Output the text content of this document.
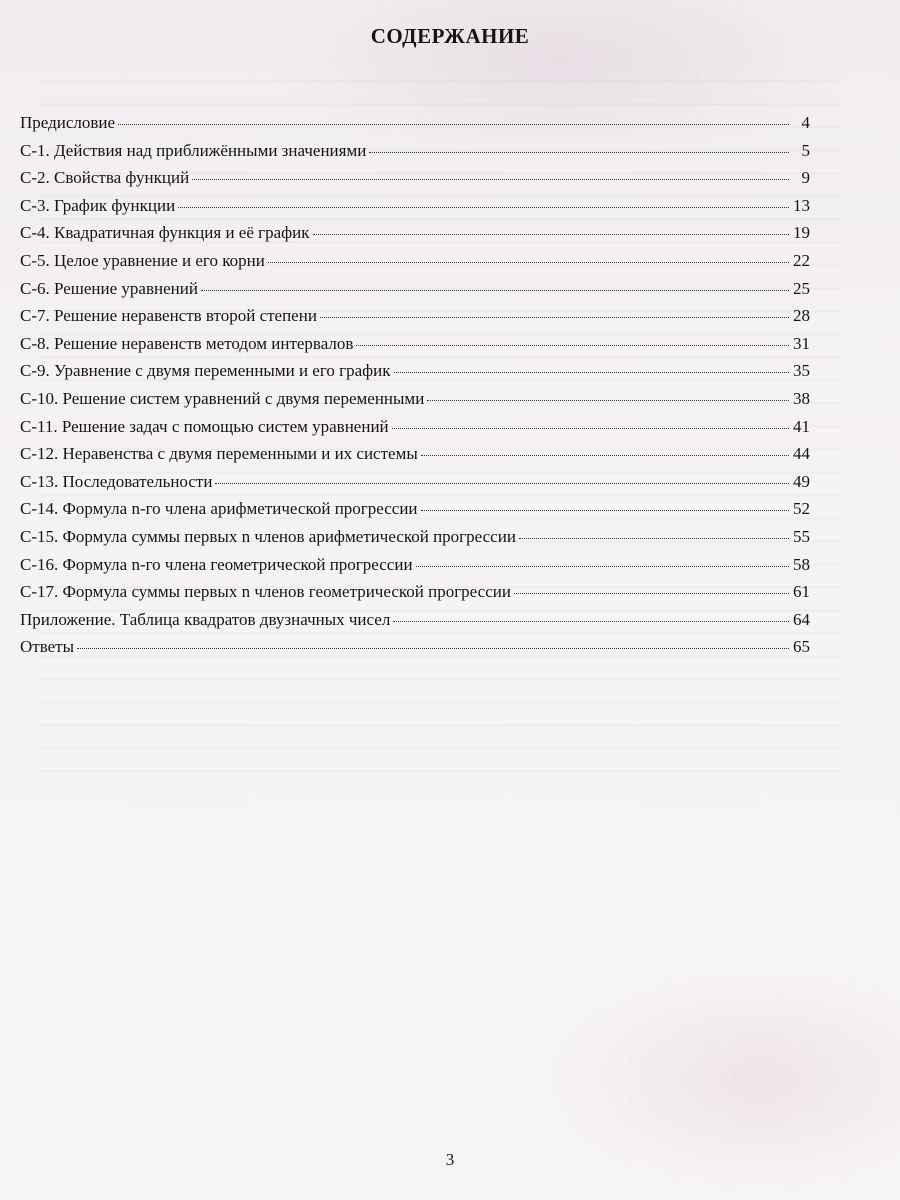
СОДЕРЖАНИЕ
Предисловие	4
С-1. Действия над приближёнными значениями	5
С-2. Свойства функций	9
С-3. График функции	13
С-4. Квадратичная функция и её график	19
С-5. Целое уравнение и его корни	22
С-6. Решение уравнений	25
С-7. Решение неравенств второй степени	28
С-8. Решение неравенств методом интервалов	31
С-9. Уравнение с двумя переменными и его график	35
С-10. Решение систем уравнений с двумя переменными	38
С-11. Решение задач с помощью систем уравнений	41
С-12. Неравенства с двумя переменными и их системы	44
С-13. Последовательности	49
С-14. Формула n-го члена арифметической прогрессии	52
С-15. Формула суммы первых n членов арифметической прогрессии	55
С-16. Формула n-го члена геометрической прогрессии	58
С-17. Формула суммы первых n членов геометрической прогрессии	61
Приложение. Таблица квадратов двузначных чисел	64
Ответы	65
3
